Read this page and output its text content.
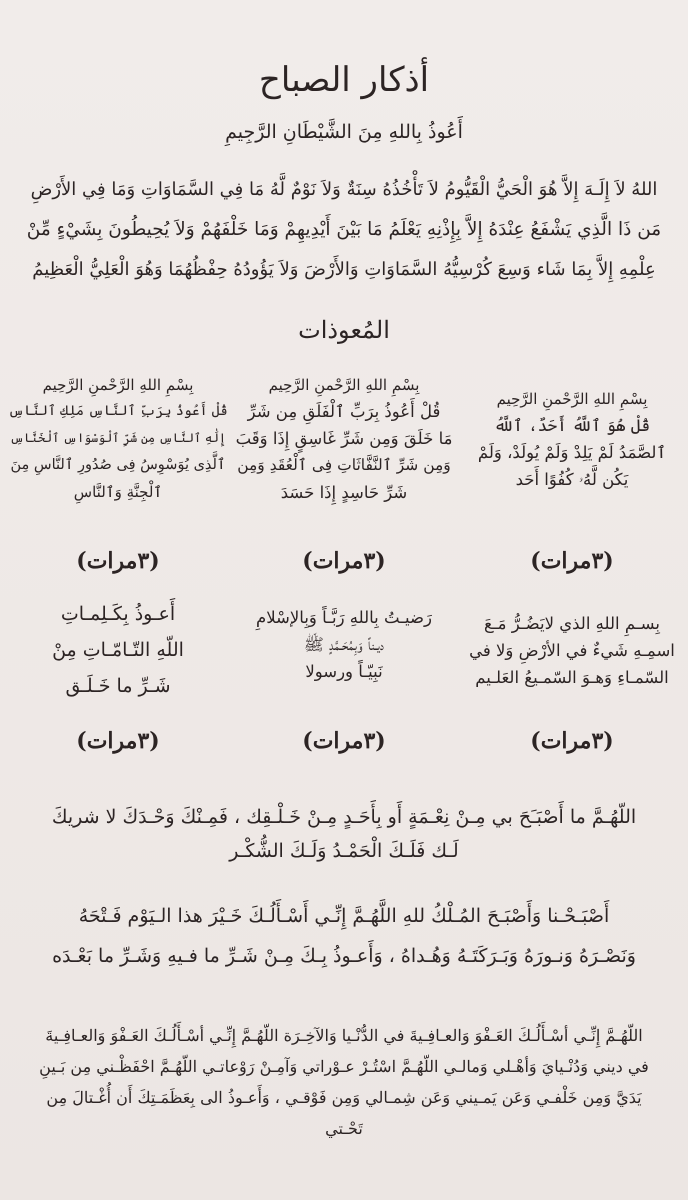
أذكار الصباح
أَعُوذُ بِاللهِ مِنَ الشَّيْطَانِ الرَّجِيمِ
اللهُ لاَ إِلَـهَ إِلاَّ هُوَ الْحَيُّ الْقَيُّومُ لاَ تَأْخُذُهُ سِنَةٌ وَلاَ نَوْمٌ لَّهُ مَا فِي السَّمَاوَاتِ وَمَا فِي الأَرْضِ
مَن ذَا الَّذِي يَشْفَعُ عِنْدَهُ إِلاَّ بِإِذْنِهِ يَعْلَمُ مَا بَيْنَ أَيْدِيهِمْ وَمَا خَلْفَهُمْ وَلاَ يُحِيطُونَ بِشَيْءٍ مِّنْ
عِلْمِهِ إِلاَّ بِمَا شَاء وَسِعَ كُرْسِيُّهُ السَّمَاوَاتِ وَالأَرْضَ وَلاَ يَؤُودُهُ حِفْظُهُمَا وَهُوَ الْعَلِيُّ الْعَظِيمُ
المُعوذات
بِسْمِ اللهِ الرَّحْمنِ الرَّحِيم
قُلْ هُوَ ٱللَّهُ أَحَدٌ، ٱللَّهُ
ٱلصَّمَدُ لَمْ يَلِدْ وَلَمْ يُولَدْ، وَلَمْ
يَكُن لَّهُۥ كُفُوًا أَحَد
(٣مرات)
بِسْمِ اللهِ الرَّحْمنِ الرَّحِيم
قُلْ أَعُوذُ بِرَبِّ ٱلْفَلَقِ مِن شَرِّ
مَا خَلَقَ وَمِن شَرِّ غَاسِقٍ إِذَا وَقَبَ
وَمِن شَرِّ ٱلنَّفَّاثَاتِ فِى ٱلْعُقَدِ وَمِن
شَرِّ حَاسِدٍ إِذَا حَسَدَ
(٣مرات)
بِسْمِ اللهِ الرَّحْمنِ الرَّحِيم
قُلْ أَعُوذُ بِرَبِّ ٱلنَّاسِ مَلِكِ ٱلنَّاسِ
إِلَٰهِ ٱلنَّاسِ مِن شَرِّ ٱلْوَسْوَاسِ ٱلْخَنَّاسِ
ٱلَّذِى يُوَسْوِسُ فِى صُدُورِ ٱلنَّاسِ مِنَ
ٱلْجِنَّةِ وَٱلنَّاسِ
(٣مرات)
بِسـمِ اللهِ الذي لايَضُـرُّ مَـعَ
اسمِـهِ شَيءٌ في الأرْضِ وَلا في
السّمـاءِ وَهـوَ السّمـيعُ العَلـيم
(٣مرات)
رَضيـتُ بِاللهِ رَبَّـاً وَبِالإسْلامِ
ديـناً وَبِمُحَـمَّدٍ ﷺ
نَبِيّـاً ورسولا
(٣مرات)
أَعـوذُ بِكَـلِمـاتِ
اللّهِ التّـامّـاتِ مِنْ
شَـرِّ ما خَـلَـق
(٣مرات)
اللّهُـمَّ ما أَصْبَـَحَ بي مِـنْ نِعْـمَةٍ أَو بِأَحَـدٍ مِـنْ خَـلْـقِك ، فَمِـنْكَ وَحْـدَكَ لا شريكَ
لَـك فَلَـكَ الْحَمْـدُ وَلَـكَ الشُّكْـر
أَصْبَـحْـنا وَأَصْبَـحَ المُـلْكُ للهِ اللَّهُـمَّ إِنِّـي أَسْـأَلُـكَ خَـيْرَ هذا الـيَوْم فَـتْحَهُ
وَنَصْـرَهُ وَنـورَهُ وَبَـرَكَتَـهُ وَهُـداهُ ، وَأَعـوذُ بِـكَ مِـنْ شَـرِّ ما فـيهِ وَشَـرِّ ما بَعْـدَه
اللّهُـمَّ إِنِّـي أسْـأَلُـكَ العَـفْوَ وَالعـافِـيةَ في الدُّنْـيا وَالآخِـرَة اللّهُـمَّ إِنِّـي أسْـأَلُـكَ العَـفْوَ وَالعـافِـيةَ
في ديني وَدُنْـيايَ وَأهْـلي وَمالـي اللّهُـمَّ اسْتُـرْ عـوْراتي وَآمِـنْ رَوْعاتـي اللّهُـمَّ احْفَظْـني مِن بَـينِ
يَدَيَّ وَمِن خَلْفـي وَعَن يَمـيني وَعَن شِمـالي وَمِن فَوْقـي ، وَأَعـوذُ الى بِعَظَمَـتِكَ أَن أُغْـتالَ مِن
تَحْـتي
